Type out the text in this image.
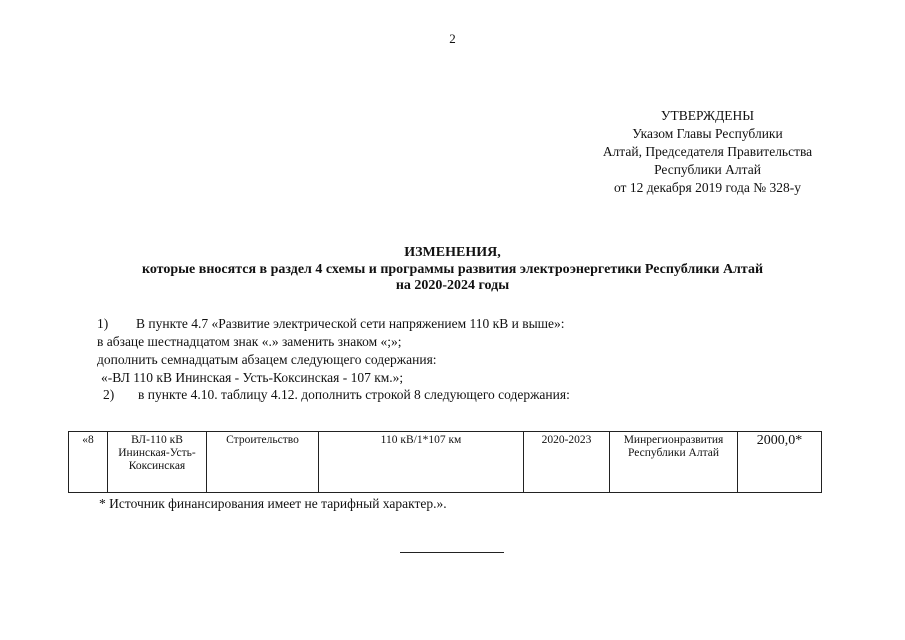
2
УТВЕРЖДЕНЫ
Указом Главы Республики
Алтай, Председателя Правительства
Республики Алтай
от 12 декабря 2019 года № 328-у
ИЗМЕНЕНИЯ,
которые вносятся в раздел 4 схемы и программы развития электроэнергетики Республики Алтай
на 2020-2024 годы
1) В пункте 4.7 «Развитие электрической сети напряжением 110 кВ и выше»:
в абзаце шестнадцатом знак «.» заменить знаком «;»;
дополнить семнадцатым абзацем следующего содержания:
«-ВЛ 110 кВ Ининская - Усть-Коксинская - 107 км.»;
2) в пункте 4.10. таблицу 4.12. дополнить строкой 8 следующего содержания:
«8	ВЛ-110 кВ Ининская-Усть-Коксинская	Строительство	110 кВ/1*107 км	2020-2023	Минрегионразвития Республики Алтай	2000,0*
* Источник финансирования имеет не тарифный характер.».
